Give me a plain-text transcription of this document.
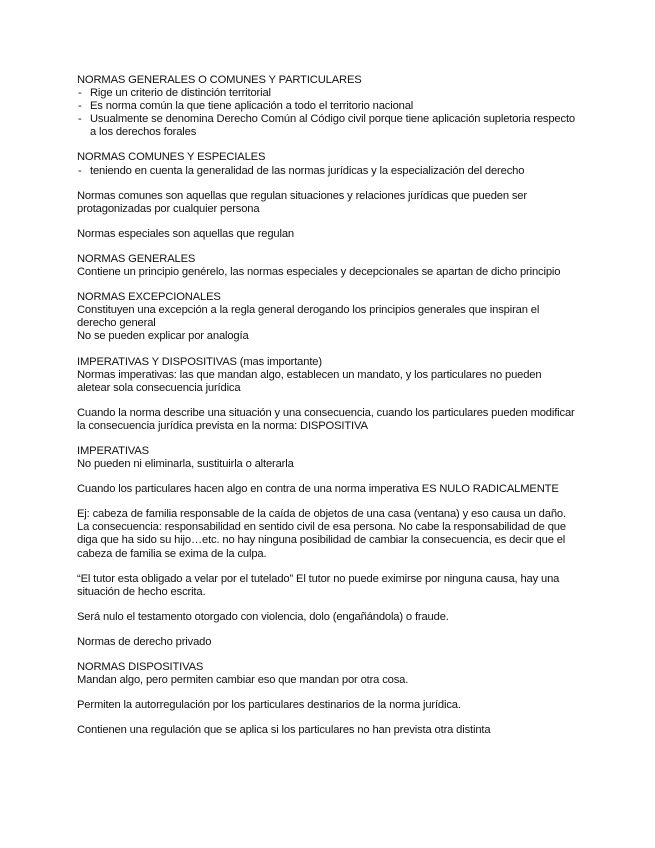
NORMAS GENERALES O COMUNES Y PARTICULARES
- Rige un criterio de distinción territorial
- Es norma común la que tiene aplicación a todo el territorio nacional
- Usualmente se denomina Derecho Común al Código civil porque tiene aplicación supletoria respecto a los derechos forales
NORMAS COMUNES Y ESPECIALES
- teniendo en cuenta la generalidad de las normas jurídicas y la especialización del derecho
Normas comunes son aquellas que regulan situaciones y relaciones jurídicas que pueden ser protagonizadas por cualquier persona
Normas especiales son aquellas que regulan
NORMAS GENERALES
Contiene un principio genérelo, las normas especiales y decepcionales se apartan de dicho principio
NORMAS EXCEPCIONALES
Constituyen una excepción a la regla general derogando los principios generales que inspiran el derecho general
No se pueden explicar por analogía
IMPERATIVAS Y DISPOSITIVAS (mas importante)
Normas imperativas: las que mandan algo, establecen un mandato, y los particulares no pueden aletear sola consecuencia jurídica
Cuando la norma describe una situación y una consecuencia, cuando los particulares pueden modificar la consecuencia jurídica prevista en la norma: DISPOSITIVA
IMPERATIVAS
No pueden ni eliminarla, sustituirla o alterarla
Cuando los particulares hacen algo en contra de una norma imperativa ES NULO RADICALMENTE
Ej: cabeza de familia responsable de la caída de objetos de una casa (ventana) y eso causa un daño. La consecuencia: responsabilidad en sentido civil de esa persona. No cabe la responsabilidad de que diga que ha sido su hijo…etc. no hay ninguna posibilidad de cambiar la consecuencia, es decir que el cabeza de familia se exima de la culpa.
“El tutor esta obligado a velar por el tutelado” El tutor no puede eximirse por ninguna causa, hay una situación de hecho escrita.
Será nulo el testamento otorgado con violencia, dolo (engañándola) o fraude.
Normas de derecho privado
NORMAS DISPOSITIVAS
Mandan algo, pero permiten cambiar eso que mandan por otra cosa.
Permiten la autorregulación por los particulares destinarios de la norma jurídica.
Contienen una regulación que se aplica si los particulares no han prevista otra distinta
